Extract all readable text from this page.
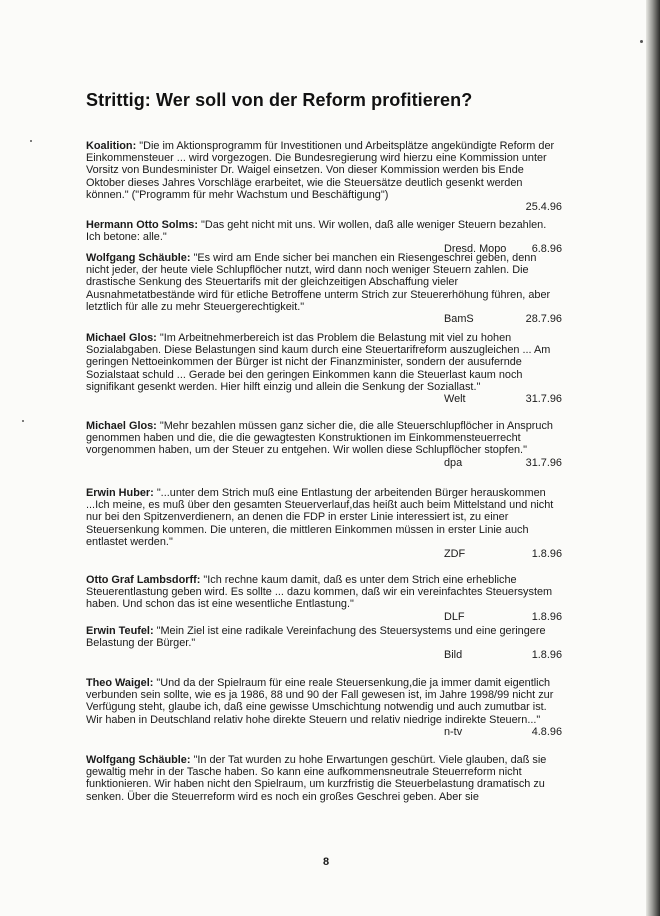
Strittig: Wer soll von der Reform profitieren?

Koalition: "Die im Aktionsprogramm für Investitionen und Arbeitsplätze angekündigte Reform der Einkommensteuer ... wird vorgezogen. Die Bundesregierung wird hierzu eine Kommission unter Vorsitz von Bundesminister Dr. Waigel einsetzen. Von dieser Kommission werden bis Ende Oktober dieses Jahres Vorschläge erarbeitet, wie die Steuersätze deutlich gesenkt werden können." ("Programm für mehr Wachstum und Beschäftigung")

25.4.96

Hermann Otto Solms: "Das geht nicht mit uns. Wir wollen, daß alle weniger Steuern bezahlen. Ich betone: alle."

Dresd. Mopo	6.8.96

Wolfgang Schäuble: "Es wird am Ende sicher bei manchen ein Riesengeschrei geben, denn nicht jeder, der heute viele Schlupflöcher nutzt, wird dann noch weniger Steuern zahlen. Die drastische Senkung des Steuertarifs mit der gleichzeitigen Abschaffung vieler Ausnahmetatbestände wird für etliche Betroffene unterm Strich zur Steuererhöhung führen, aber letztlich für alle zu mehr Steuergerechtigkeit."

BamS	28.7.96

Michael Glos: "Im Arbeitnehmerbereich ist das Problem die Belastung mit viel zu hohen Sozialabgaben. Diese Belastungen sind kaum durch eine Steuertarifreform auszugleichen ... Am geringen Nettoeinkommen der Bürger ist nicht der Finanzminister, sondern der ausufernde Sozialstaat schuld ... Gerade bei den geringen Einkommen kann die Steuerlast kaum noch signifikant gesenkt werden. Hier hilft einzig und allein die Senkung der Soziallast."

Welt	31.7.96

Michael Glos: "Mehr bezahlen müssen ganz sicher die, die alle Steuerschlupflöcher in Anspruch genommen haben und die, die die gewagtesten Konstruktionen im Einkommensteuerrecht vorgenommen haben, um der Steuer zu entgehen. Wir wollen diese Schlupflöcher stopfen."

dpa	31.7.96

Erwin Huber: "...unter dem Strich muß eine Entlastung der arbeitenden Bürger herauskommen ...Ich meine, es muß über den gesamten Steuerverlauf,das heißt auch beim Mittelstand und nicht nur bei den Spitzenverdienern, an denen die FDP in erster Linie interessiert ist, zu einer Steuersenkung kommen. Die unteren, die mittleren Einkommen müssen in erster Linie auch entlastet werden."

ZDF	1.8.96

Otto Graf Lambsdorff: "Ich rechne kaum damit, daß es unter dem Strich eine erhebliche Steuerentlastung geben wird. Es sollte ... dazu kommen, daß wir ein vereinfachtes Steuersystem haben. Und schon das ist eine wesentliche Entlastung."

DLF	1.8.96

Erwin Teufel: "Mein Ziel ist eine radikale Vereinfachung des Steuersystems und eine geringere Belastung der Bürger."

Bild	1.8.96

Theo Waigel: "Und da der Spielraum für eine reale Steuersenkung,die ja immer damit eigentlich verbunden sein sollte, wie es ja 1986, 88 und 90 der Fall gewesen ist, im Jahre 1998/99 nicht zur Verfügung steht, glaube ich, daß eine gewisse Umschichtung notwendig und auch zumutbar ist. Wir haben in Deutschland relativ hohe direkte Steuern und relativ niedrige indirekte Steuern..."

n-tv	4.8.96

Wolfgang Schäuble: "In der Tat wurden zu hohe Erwartungen geschürt. Viele glauben, daß sie gewaltig mehr in der Tasche haben. So kann eine aufkommensneutrale Steuerreform nicht funktionieren. Wir haben nicht den Spielraum, um kurzfristig die Steuerbelastung dramatisch zu senken. Über die Steuerreform wird es noch ein großes Geschrei geben. Aber sie

8
